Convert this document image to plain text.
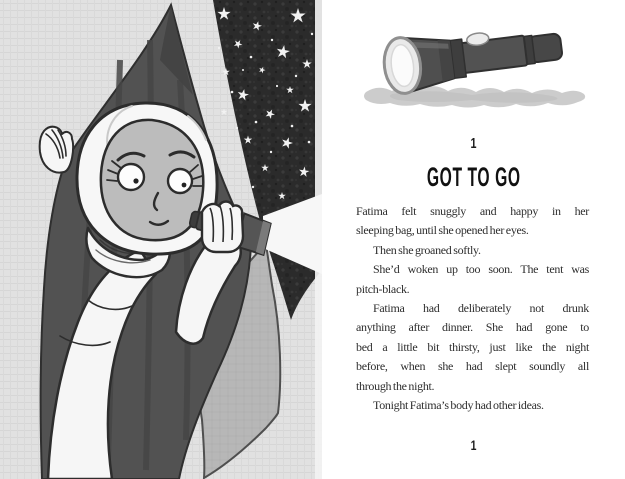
1
GOT TO GO
Fatima felt snuggly and happy in her
sleeping bag, until she opened her eyes.
Then she groaned softly.
She’d woken up too soon. The tent was
pitch-black.
Fatima had deliberately not drunk
anything after dinner. She had gone to
bed a little bit thirsty, just like the night
before, when she had slept soundly all
through the night.
Tonight Fatima’s body had other ideas.
1
